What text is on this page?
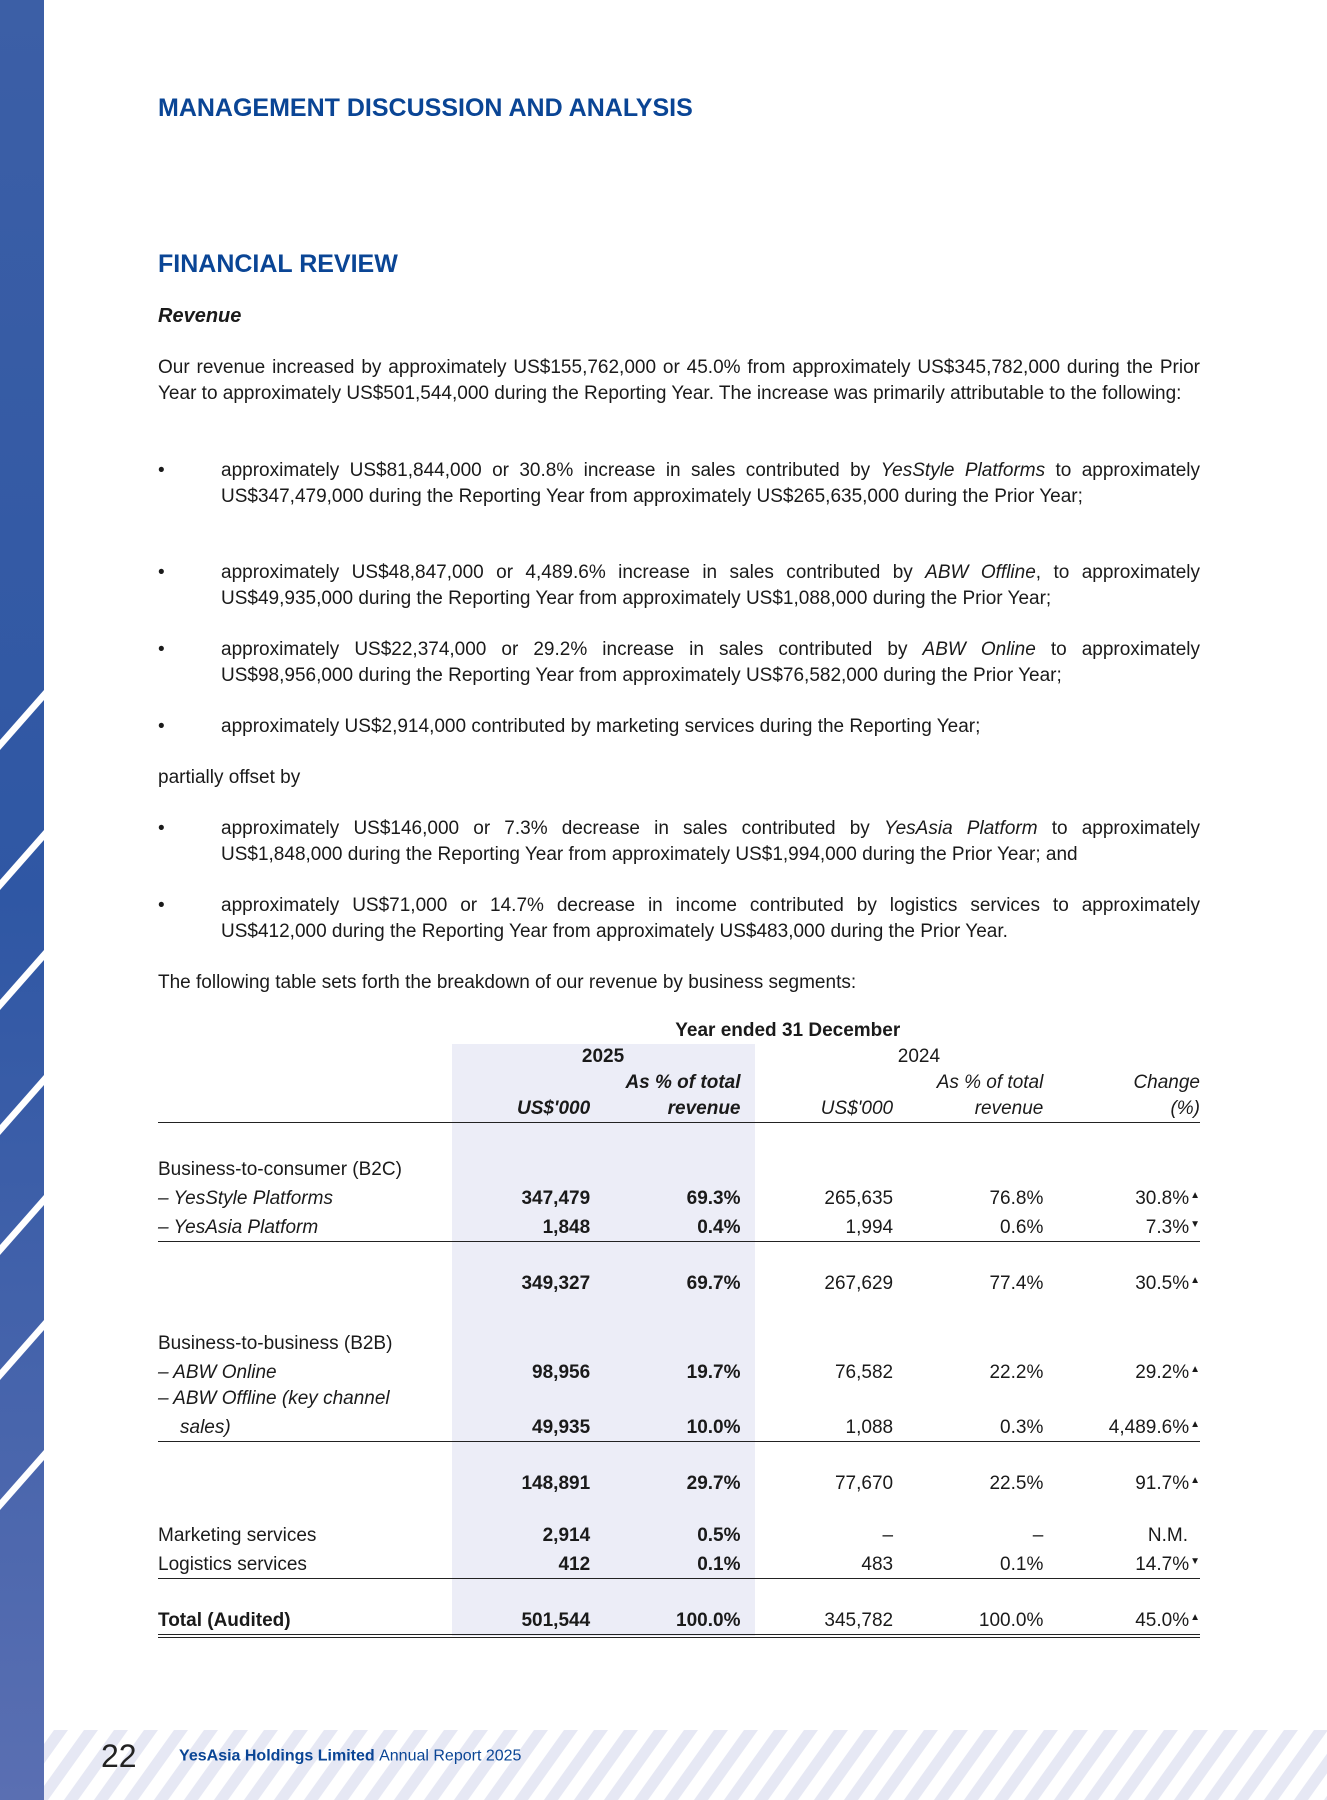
MANAGEMENT DISCUSSION AND ANALYSIS
FINANCIAL REVIEW
Revenue

Our revenue increased by approximately US$155,762,000 or 45.0% from approximately US$345,782,000 during the Prior Year to approximately US$501,544,000 during the Reporting Year. The increase was primarily attributable to the following:

•	approximately US$81,844,000 or 30.8% increase in sales contributed by YesStyle Platforms to approximately US$347,479,000 during the Reporting Year from approximately US$265,635,000 during the Prior Year;
•	approximately US$48,847,000 or 4,489.6% increase in sales contributed by ABW Offline, to approximately US$49,935,000 during the Reporting Year from approximately US$1,088,000 during the Prior Year;
•	approximately US$22,374,000 or 29.2% increase in sales contributed by ABW Online to approximately US$98,956,000 during the Reporting Year from approximately US$76,582,000 during the Prior Year;
•	approximately US$2,914,000 contributed by marketing services during the Reporting Year;

partially offset by

•	approximately US$146,000 or 7.3% decrease in sales contributed by YesAsia Platform to approximately US$1,848,000 during the Reporting Year from approximately US$1,994,000 during the Prior Year; and
•	approximately US$71,000 or 14.7% decrease in income contributed by logistics services to approximately US$412,000 during the Reporting Year from approximately US$483,000 during the Prior Year.

The following table sets forth the breakdown of our revenue by business segments:

	Year ended 31 December				
	2025		2024		
		As % of total		As % of total	Change
	US$'000	revenue	US$'000	revenue	(%)

Business-to-consumer (B2C)					
– YesStyle Platforms	347,479	69.3%	265,635	76.8%	30.8%▲
– YesAsia Platform	1,848	0.4%	1,994	0.6%	7.3%▼

	349,327	69.7%	267,629	77.4%	30.5%▲

Business-to-business (B2B)					
– ABW Online	98,956	19.7%	76,582	22.2%	29.2%▲
– ABW Offline (key channel					
sales)	49,935	10.0%	1,088	0.3%	4,489.6%▲

	148,891	29.7%	77,670	22.5%	91.7%▲

Marketing services	2,914	0.5%	–	–	N.M.
Logistics services	412	0.1%	483	0.1%	14.7%▼

Total (Audited)	501,544	100.0%	345,782	100.0%	45.0%▲
22	YesAsia Holdings Limited Annual Report 2025
